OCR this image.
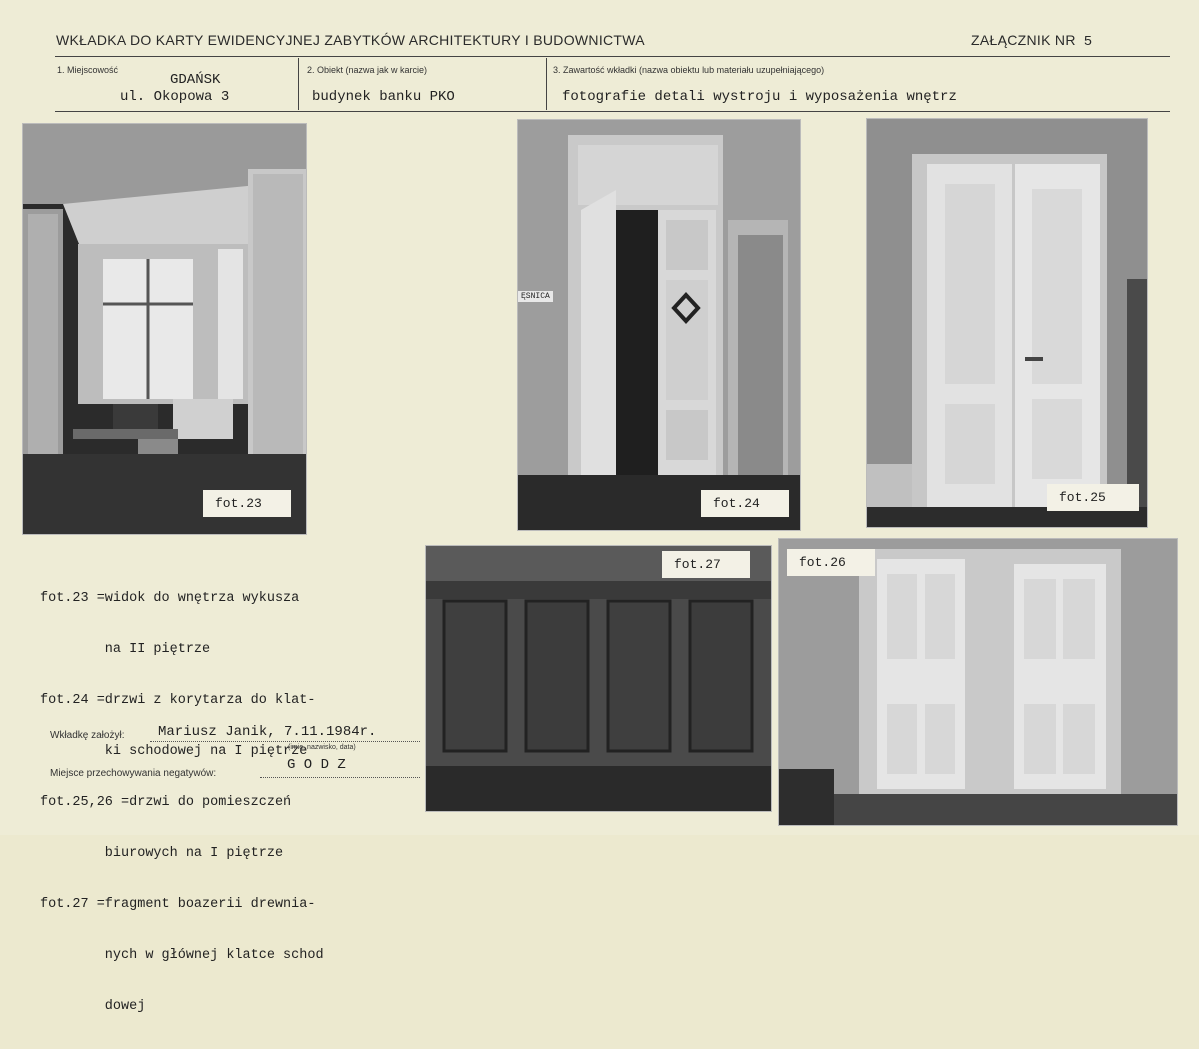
WKŁADKA DO KARTY EWIDENCYJNEJ ZABYTKÓW ARCHITEKTURY I BUDOWNICTWA	ZAŁĄCZNIK NR 5
1. Miejscowość
GDAŃSK
ul. Okopowa 3
2. Obiekt (nazwa jak w karcie)
budynek banku PKO
3. Zawartość wkładki (nazwa obiektu lub materiału uzupełniającego)
fotografie detali wystroju i wyposażenia wnętrz
fot.23
ĘSNICA
fot.24	fot.25
fot.27	fot.26

fot.23 =widok do wnętrza wykusza

na II piętrze

fot.24 =drzwi z korytarza do klat-

ki schodowej na I piętrze

fot.25,26 =drzwi do pomieszczeń

biurowych na I piętrze

fot.27 =fragment boazerii drewnia-

nych w głównej klatce schod

dowej

Wkładkę założył: Mariusz Janik, 7.11.1984r.
(imię, nazwisko, data)
Miejsce przechowywania negatywów:
G O D Z
